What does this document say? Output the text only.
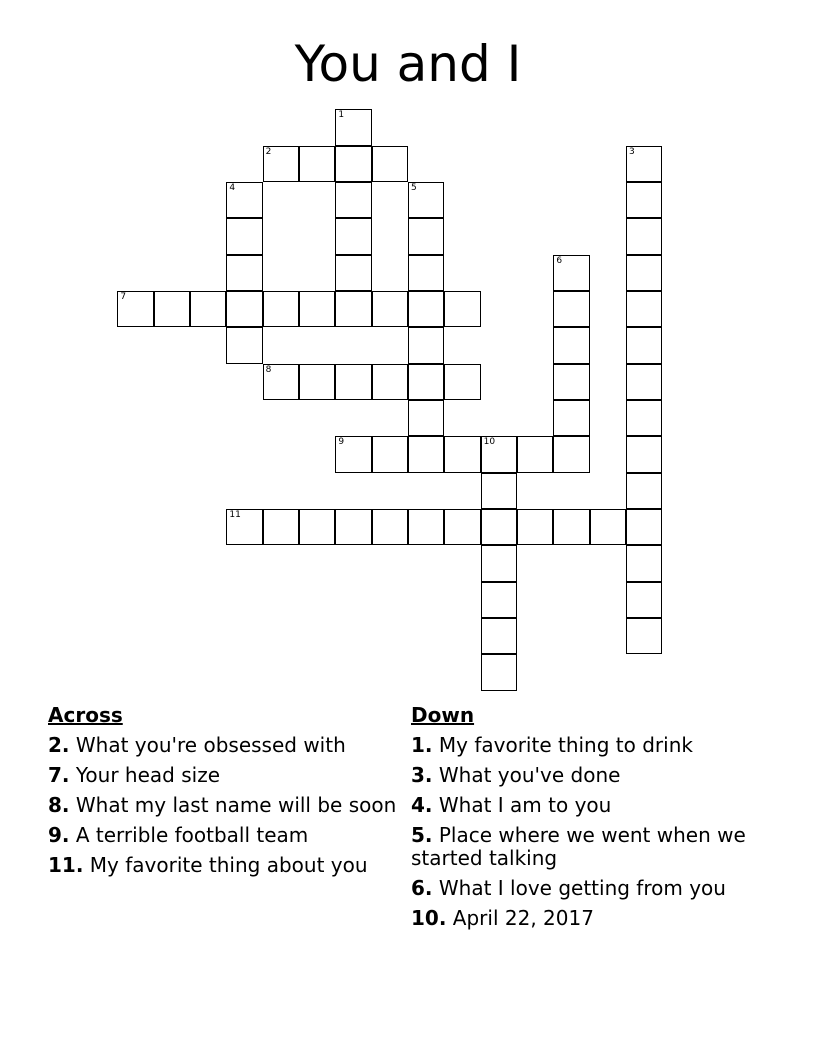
You and I
1
2	3
4	5
6
7
8
9	10
11
Across
2. What you're obsessed with
7. Your head size
8. What my last name will be soon
9. A terrible football team
11. My favorite thing about you
Down
1. My favorite thing to drink
3. What you've done
4. What I am to you
5. Place where we went when we started talking
6. What I love getting from you
10. April 22, 2017
